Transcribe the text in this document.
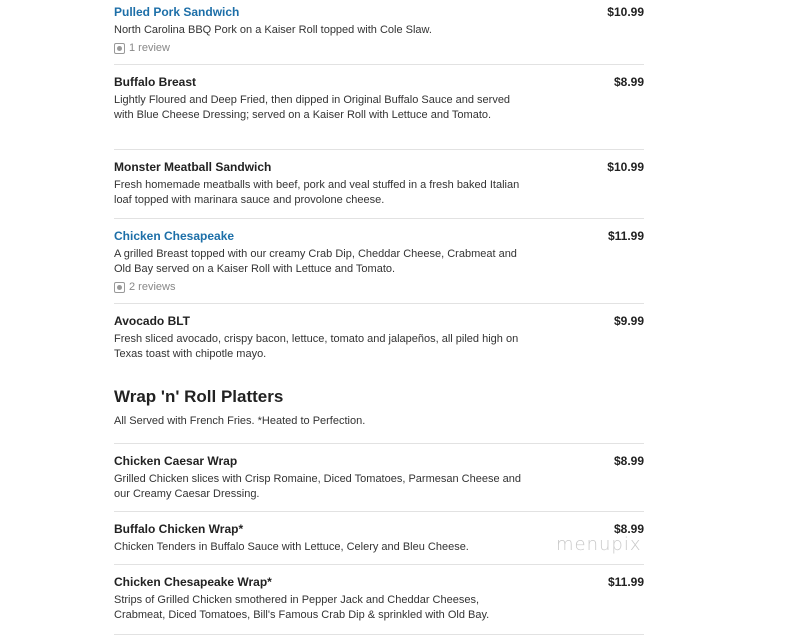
$10.99
Pulled Pork Sandwich
North Carolina BBQ Pork on a Kaiser Roll topped with Cole Slaw.
1 review
$8.99
Buffalo Breast
Lightly Floured and Deep Fried, then dipped in Original Buffalo Sauce and served with Blue Cheese Dressing; served on a Kaiser Roll with Lettuce and Tomato.
$10.99
Monster Meatball Sandwich
Fresh homemade meatballs with beef, pork and veal stuffed in a fresh baked Italian loaf topped with marinara sauce and provolone cheese.
$11.99
Chicken Chesapeake
A grilled Breast topped with our creamy Crab Dip, Cheddar Cheese, Crabmeat and Old Bay served on a Kaiser Roll with Lettuce and Tomato.
2 reviews
$9.99
Avocado BLT
Fresh sliced avocado, crispy bacon, lettuce, tomato and jalapeños, all piled high on Texas toast with chipotle mayo.
Wrap 'n' Roll Platters
All Served with French Fries. *Heated to Perfection.
$8.99
Chicken Caesar Wrap
Grilled Chicken slices with Crisp Romaine, Diced Tomatoes, Parmesan Cheese and our Creamy Caesar Dressing.
$8.99
Buffalo Chicken Wrap*
Chicken Tenders in Buffalo Sauce with Lettuce, Celery and Bleu Cheese.
$11.99
Chicken Chesapeake Wrap*
Strips of Grilled Chicken smothered in Pepper Jack and Cheddar Cheeses, Crabmeat, Diced Tomatoes, Bill's Famous Crab Dip & sprinkled with Old Bay.
menupix
